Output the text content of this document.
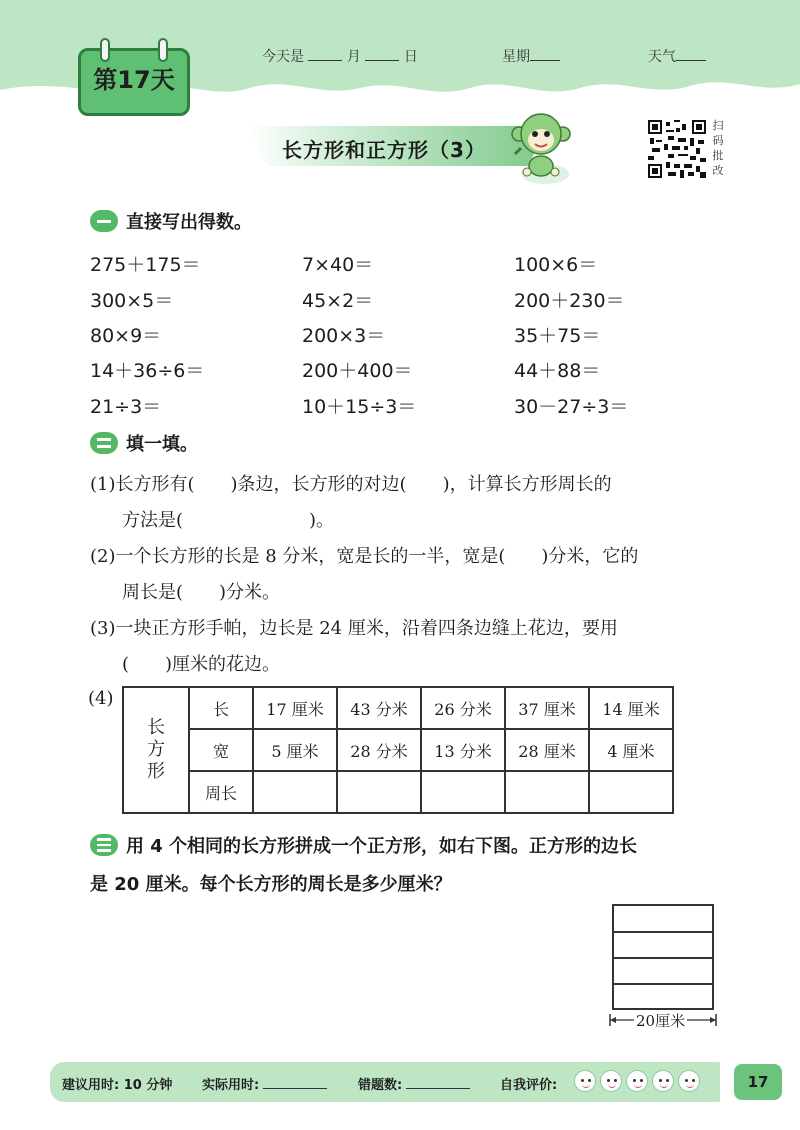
第17天
今天是	月	日	星期	天气
长方形和正方形（3）
扫
码
批
改
直接写出得数。
275＋175＝	7×40＝	100×6＝
300×5＝	45×2＝	200＋230＝
80×9＝	200×3＝	35＋75＝
14＋36÷6＝	200＋400＝	44＋88＝
21÷3＝	10＋15÷3＝	30－27÷3＝
填一填。
(1)长方形有(　　)条边，长方形的对边(　　)，计算长方形周长的
方法是(　　　　　　　)。
(2)一个长方形的长是 8 分米，宽是长的一半，宽是(　　)分米，它的
周长是(　　)分米。
(3)一块正方形手帕，边长是 24 厘米，沿着四条边缝上花边，要用
(　　)厘米的花边。
(4)
长
方
形	长	17 厘米	43 分米	26 分米	37 厘米	14 厘米
	宽	5 厘米	28 分米	13 分米	28 厘米	4 厘米
	周长					
用 4 个相同的长方形拼成一个正方形，如右下图。正方形的边长
是 20 厘米。每个长方形的周长是多少厘米？
20厘米
建议用时: 10 分钟 实际用时:	错题数:	自我评价:	17
